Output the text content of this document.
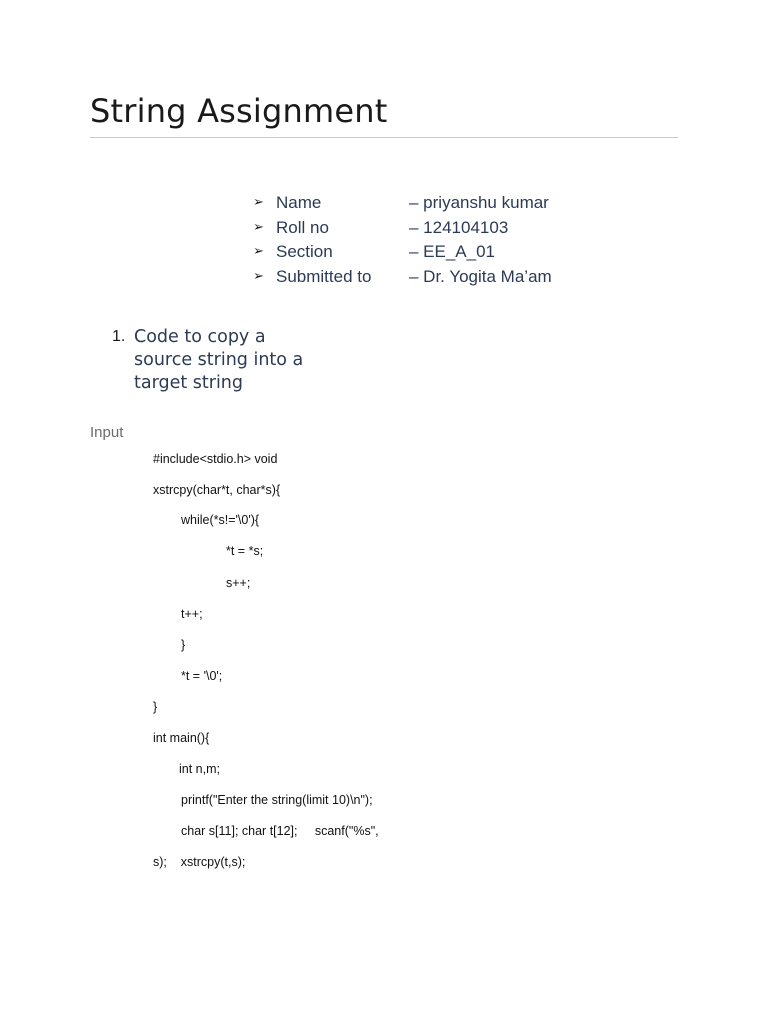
String Assignment
➢ Name	– priyanshu kumar
➢ Roll no	– 124104103
➢ Section	– EE_A_01
➢ Submitted to – Dr. Yogita Ma’am
1. Code to copy a source string into a target string
Input
#include<stdio.h> void
xstrcpy(char*t, char*s){
while(*s!='\0'){
*t = *s;
s++;
t++;
}
*t = '\0';
}
int main(){
int n,m;
printf("Enter the string(limit 10)\n");
char s[11]; char t[12];     scanf("%s",
s);    xstrcpy(t,s);
